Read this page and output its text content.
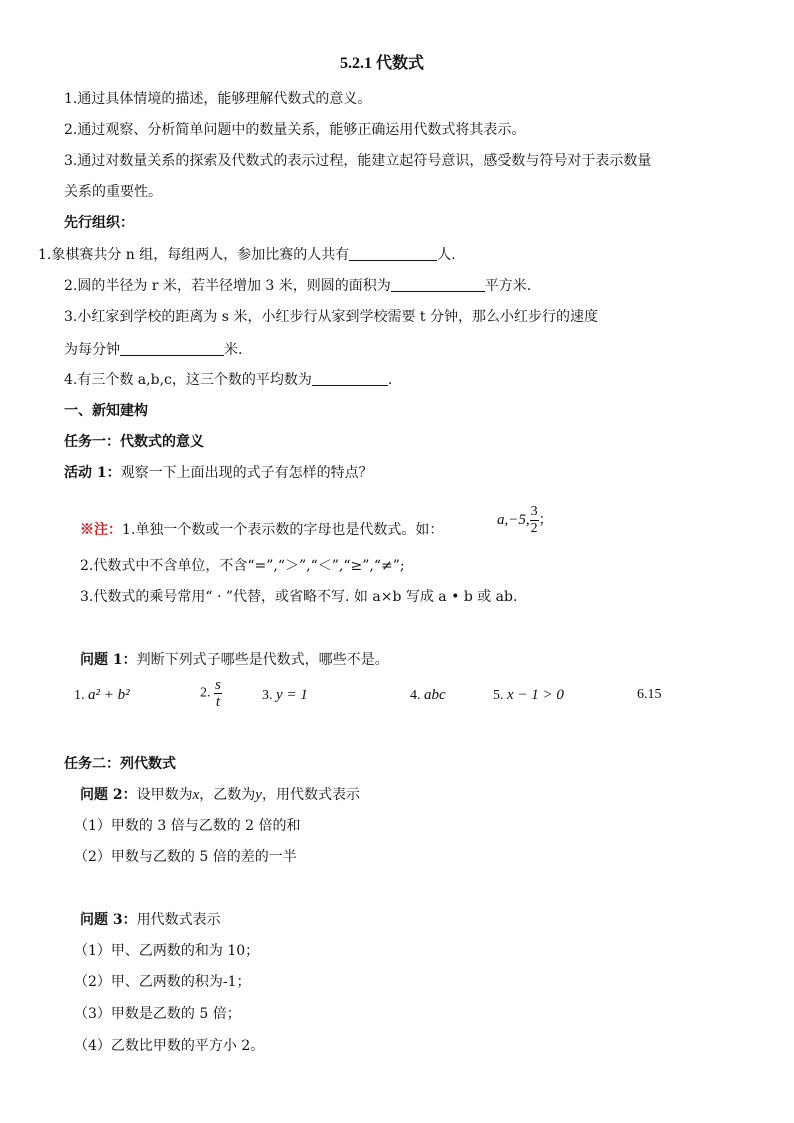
5.2.1 代数式
1.通过具体情境的描述，能够理解代数式的意义。
2.通过观察、分析简单问题中的数量关系，能够正确运用代数式将其表示。
3.通过对数量关系的探索及代数式的表示过程，能建立起符号意识，感受数与符号对于表示数量
关系的重要性。
先行组织：
1.象棋赛共分 n 组，每组两人，参加比赛的人共有	人.
2.圆的半径为 r 米，若半径增加 3 米，则圆的面积为	平方米.
3.小红家到学校的距离为 s 米，小红步行从家到学校需要 t 分钟，那么小红步行的速度
为每分钟	米.
4.有三个数 a,b,c，这三个数的平均数为	.
一、新知建构
任务一：代数式的意义
活动 1：观察一下上面出现的式子有怎样的特点？
※注：1.单独一个数或一个表示数的字母也是代数式。如：
a,−5, $\frac{3}{2}$ ；
2.代数式中不含单位，不含“=”,“＞”,“＜”,“≥”,“≠”;
3.代数式的乘号常用“ · ”代替，或省略不写. 如 a×b 写成 a • b 或 ab.
问题 1：判断下列式子哪些是代数式，哪些不是。
1. a² + b²	2. $\frac{s}{t}$	3. y = 1	4. abc	5. x − 1 > 0	6.15
任务二：列代数式
问题 2：设甲数为x，乙数为y，用代数式表示
（1）甲数的 3 倍与乙数的 2 倍的和
（2）甲数与乙数的 5 倍的差的一半
问题 3：用代数式表示
（1）甲、乙两数的和为 10；
（2）甲、乙两数的积为-1；
（3）甲数是乙数的 5 倍；
（4）乙数比甲数的平方小 2。
